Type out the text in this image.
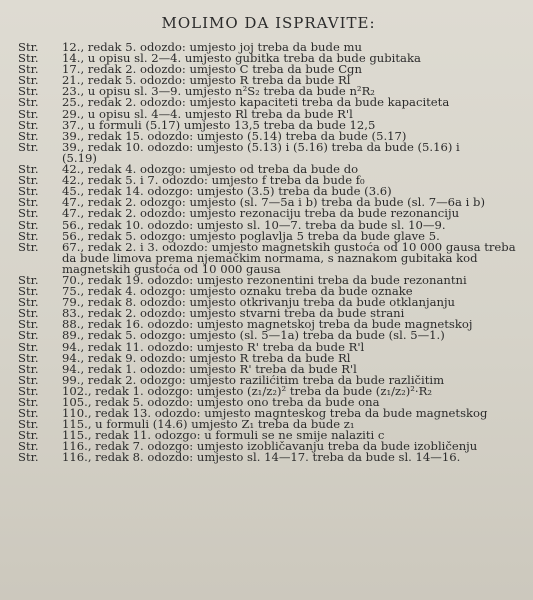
MOLIMO DA ISPRAVITE:
Str.	12., redak 5. odozdo: umjesto joj treba da bude mu
Str.	14., u opisu sl. 2—4. umjesto gubitka treba da bude gubitaka
Str.	17., redak 2. odozdo: umjesto C treba da bude Cgn
Str.	21., redak 5. odozdo: umjesto R treba da bude Rl
Str.	23., u opisu sl. 3—9. umjesto n²S₂ treba da bude n²R₂
Str.	25., redak 2. odozdo: umjesto kapaciteti treba da bude kapaciteta
Str.	29., u opisu sl. 4—4. umjesto Rl treba da bude R'l
Str.	37., u formuli (5.17) umjesto 13,5 treba da bude 12,5
Str.	39., redak 15. odozdo: umjesto (5.14) treba da bude (5.17)
Str.	39., redak 10. odozdo: umjesto (5.13) i (5.16) treba da bude (5.16) i
(5.19)
Str.	42., redak 4. odozgo: umjesto od treba da bude do
Str.	42., redak 5. i 7. odozdo: umjesto f treba da bude f₀
Str.	45., redak 14. odozgo: umjesto (3.5) treba da bude (3.6)
Str.	47., redak 2. odozgo: umjesto (sl. 7—5a i b) treba da bude (sl. 7—6a i b)
Str.	47., redak 2. odozdo: umjesto rezonaciju treba da bude rezonanciju
Str.	56., redak 10. odozdo: umjesto sl. 10—7. treba da bude sl. 10—9.
Str.	56., redak 5. odozgo: umjesto poglavlja 5 treba da bude glave 5.
Str.	67., redak 2. i 3. odozdo: umjesto magnetskih gustoća od 10 000 gausa treba da bude limova prema njemačkim normama, s naznakom gubitaka kod magnetskih gustoća od 10 000 gausa
Str.	70., redak 19. odozdo: umjesto rezonentini treba da bude rezonantni
Str.	75., redak 4. odozgo: umjesto oznaku treba da bude oznake
Str.	79., redak 8. odozdo: umjesto otkrivanju treba da bude otklanjanju
Str.	83., redak 2. odozdo: umjesto stvarni treba da bude strani
Str.	88., redak 16. odozdo: umjesto magnetskoj treba da bude magnetskoj
Str.	89., redak 5. odozgo: umjesto (sl. 5—1a) treba da bude (sl. 5—1.)
Str.	94., redak 11. odozdo: umjesto R' treba da bude R'l
Str.	94., redak 9. odozdo: umjesto R treba da bude Rl
Str.	94., redak 1. odozdo: umjesto R' treba da bude R'l
Str.	99., redak 2. odozgo: umjesto razilićitim treba da bude različitim
Str.	102., redak 1. odozgo: umjesto (z₁/z₂)² treba da bude (z₁/z₂)²·R₂
Str.	105., redak 5. odozdo: umjesto ono treba da bude ona
Str.	110., redak 13. odozdo: umjesto magnteskog treba da bude magnetskog
Str.	115., u formuli (14.6) umjesto Z₁ treba da bude z₁
Str.	115., redak 11. odozgo: u formuli se ne smije nalaziti c
Str.	116., redak 7. odozgo: umjesto izobličavanju treba da bude izobličenju
Str.	116., redak 8. odozdo: umjesto sl. 14—17. treba da bude sl. 14—16.
